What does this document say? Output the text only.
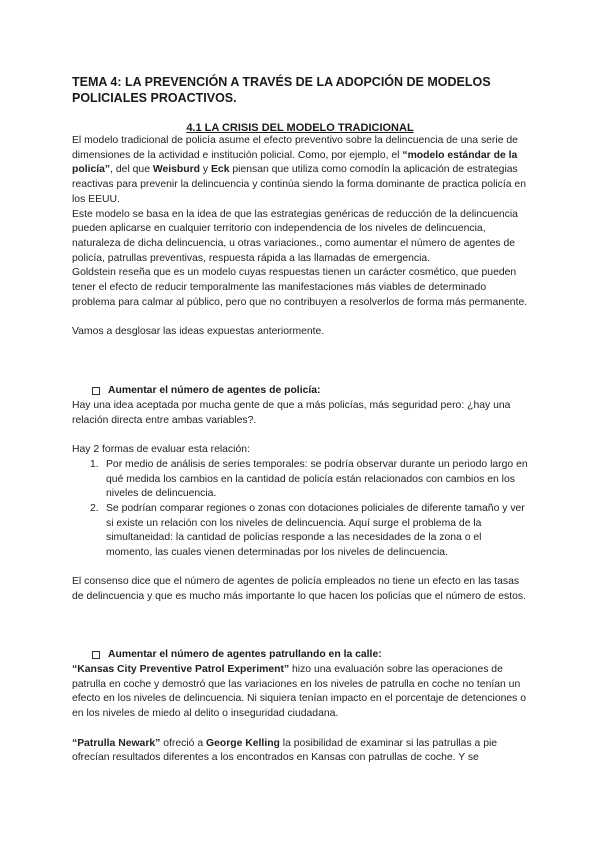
TEMA 4: LA PREVENCIÓN A TRAVÉS DE LA ADOPCIÓN DE MODELOS POLICIALES PROACTIVOS.
4.1 LA CRISIS DEL MODELO TRADICIONAL

El modelo tradicional de policía asume el efecto preventivo sobre la delincuencia de una serie de dimensiones de la actividad e institución policial. Como, por ejemplo, el “modelo estándar de la policía”, del que Weisburd y Eck piensan que utiliza como comodín la aplicación de estrategias reactivas para prevenir la delincuencia y continúa siendo la forma dominante de practica policía en los EEUU.

Este modelo se basa en la idea de que las estrategias genéricas de reducción de la delincuencia pueden aplicarse en cualquier territorio con independencia de los niveles de delincuencia, naturaleza de dicha delincuencia, u otras variaciones., como aumentar el número de agentes de policía, patrullas preventivas, respuesta rápida a las llamadas de emergencia.

Goldstein reseña que es un modelo cuyas respuestas tienen un carácter cosmético, que pueden tener el efecto de reducir temporalmente las manifestaciones más viables de determinado problema para calmar al público, pero que no contribuyen a resolverlos de forma más permanente.

Vamos a desglosar las ideas expuestas anteriormente.

Aumentar el número de agentes de policía:

Hay una idea aceptada por mucha gente de que a más policías, más seguridad pero: ¿hay una relación directa entre ambas variables?.

Hay 2 formas de evaluar esta relación:

1. Por medio de análisis de series temporales: se podría observar durante un periodo largo en qué medida los cambios en la cantidad de policía están relacionados con cambios en los niveles de delincuencia.
2. Se podrían comparar regiones o zonas con dotaciones policiales de diferente tamaño y ver si existe un relación con los niveles de delincuencia. Aquí surge el problema de la simultaneidad: la cantidad de policías responde a las necesidades de la zona o el momento, las cuales vienen determinadas por los niveles de delincuencia.

El consenso dice que el número de agentes de policía empleados no tiene un efecto en las tasas de delincuencia y que es mucho más importante lo que hacen los policías que el número de estos.

Aumentar el número de agentes patrullando en la calle:

“Kansas City Preventive Patrol Experiment” hizo una evaluación sobre las operaciones de patrulla en coche y demostró que las variaciones en los niveles de patrulla en coche no tenían un efecto en los niveles de delincuencia. Ni siquiera tenían impacto en el porcentaje de detenciones o en los niveles de miedo al delito o inseguridad ciudadana.

“Patrulla Newark” ofreció a George Kelling la posibilidad de examinar si las patrullas a pie ofrecían resultados diferentes a los encontrados en Kansas con patrullas de coche. Y se
